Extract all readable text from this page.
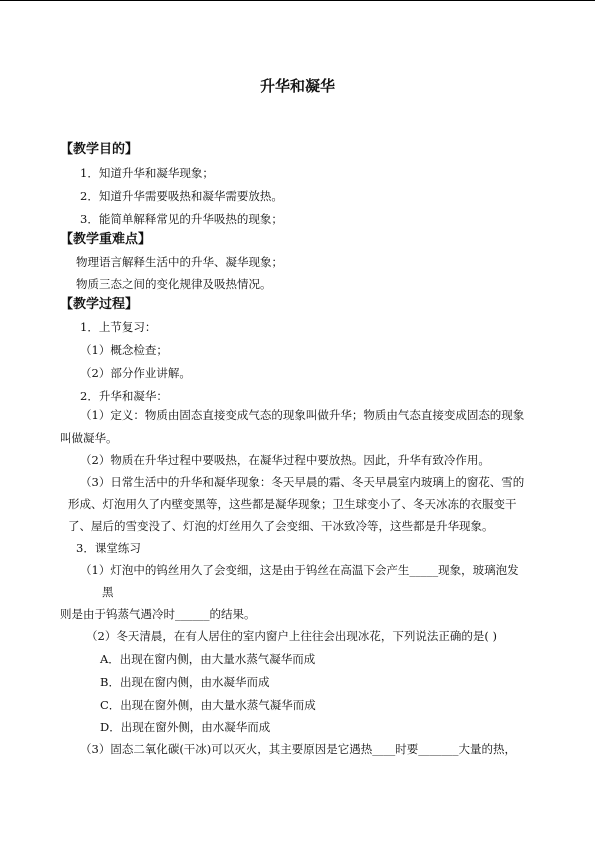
升华和凝华
【教学目的】
1．知道升华和凝华现象；
2．知道升华需要吸热和凝华需要放热。
3．能简单解释常见的升华吸热的现象；
【教学重难点】
物理语言解释生活中的升华、凝华现象；
物质三态之间的变化规律及吸热情况。
【教学过程】
1．上节复习：
（1）概念检查；
（2）部分作业讲解。
2．升华和凝华：
（1）定义：物质由固态直接变成气态的现象叫做升华；物质由气态直接变成固态的现象
叫做凝华。
（2）物质在升华过程中要吸热，在凝华过程中要放热。因此，升华有致冷作用。
（3）日常生活中的升华和凝华现象：冬天早晨的霜、冬天早晨室内玻璃上的窗花、雪的
形成、灯泡用久了内壁变黑等，这些都是凝华现象；卫生球变小了、冬天冰冻的衣服变干
了、屋后的雪变没了、灯泡的灯丝用久了会变细、干冰致冷等，这些都是升华现象。
3．课堂练习
（1）灯泡中的钨丝用久了会变细，这是由于钨丝在高温下会产生_____现象，玻璃泡发
黑
则是由于钨蒸气遇冷时______的结果。
（2）冬天清晨，在有人居住的室内窗户上往往会出现冰花，下列说法正确的是( )
A．出现在窗内侧，由大量水蒸气凝华而成
B．出现在窗内侧，由水凝华而成
C．出现在窗外侧，由大量水蒸气凝华而成
D．出现在窗外侧，由水凝华而成
（3）固态二氧化碳(干冰)可以灭火，其主要原因是它遇热____时要_______大量的热，
